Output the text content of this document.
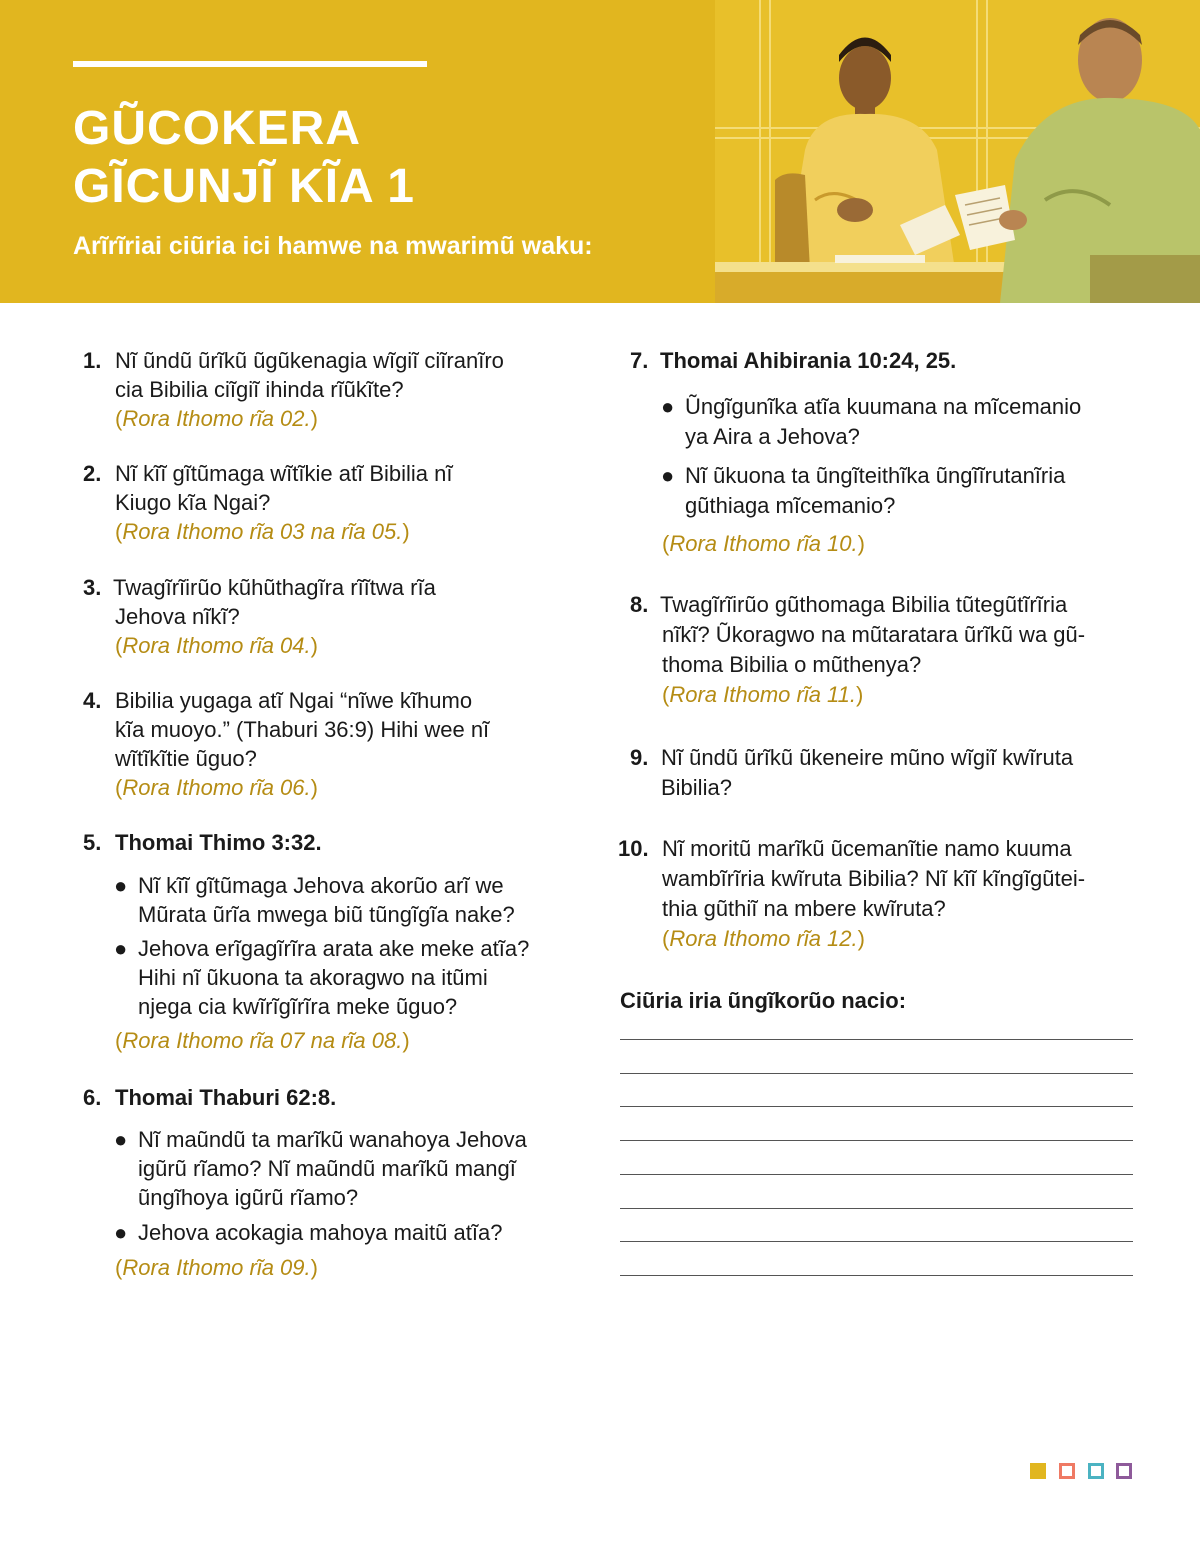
GŨCOKERA
GĨCUNJĨ KĨA 1
Arĩrĩriai ciũria ici hamwe na mwarimũ waku:
1. Nĩ ũndũ ũrĩkũ ũgũkenagia wĩgiĩ ciĩranĩro
cia Bibilia ciĩgiĩ ihinda rĩũkĩte?
(Rora Ithomo rĩa 02.)
2. Nĩ kĩĩ gĩtũmaga wĩtĩkie atĩ Bibilia nĩ
Kiugo kĩa Ngai?
(Rora Ithomo rĩa 03 na rĩa 05.)
3. Twagĩrĩirũo kũhũthagĩra rĩĩtwa rĩa
Jehova nĩkĩ?
(Rora Ithomo rĩa 04.)
4. Bibilia yugaga atĩ Ngai “nĩwe kĩhumo
kĩa muoyo.” (Thaburi 36:9) Hihi wee nĩ
wĩtĩkĩtie ũguo?
(Rora Ithomo rĩa 06.)
5. Thomai Thimo 3:32.
● Nĩ kĩĩ gĩtũmaga Jehova akorũo arĩ we
Mũrata ũrĩa mwega biũ tũngĩgĩa nake?
● Jehova erĩgagĩrĩra arata ake meke atĩa?
Hihi nĩ ũkuona ta akoragwo na itũmi
njega cia kwĩrĩgĩrĩra meke ũguo?
(Rora Ithomo rĩa 07 na rĩa 08.)
6. Thomai Thaburi 62:8.
● Nĩ maũndũ ta marĩkũ wanahoya Jehova
igũrũ rĩamo? Nĩ maũndũ marĩkũ mangĩ
ũngĩhoya igũrũ rĩamo?
● Jehova acokagia mahoya maitũ atĩa?
(Rora Ithomo rĩa 09.)
7. Thomai Ahibirania 10:24, 25.
● Ũngĩgunĩka atĩa kuumana na mĩcemanio
ya Aira a Jehova?
● Nĩ ũkuona ta ũngĩteithĩka ũngĩĩrutanĩria
gũthiaga mĩcemanio?
(Rora Ithomo rĩa 10.)
8. Twagĩrĩirũo gũthomaga Bibilia tũtegũtĩrĩria
nĩkĩ? Ũkoragwo na mũtaratara ũrĩkũ wa gũ-
thoma Bibilia o mũthenya?
(Rora Ithomo rĩa 11.)
9. Nĩ ũndũ ũrĩkũ ũkeneire mũno wĩgiĩ kwĩruta
Bibilia?
10. Nĩ moritũ marĩkũ ũcemanĩtie namo kuuma
wambĩrĩria kwĩruta Bibilia? Nĩ kĩĩ kĩngĩgũtei-
thia gũthiĩ na mbere kwĩruta?
(Rora Ithomo rĩa 12.)
Ciũria iria ũngĩkorũo nacio:
